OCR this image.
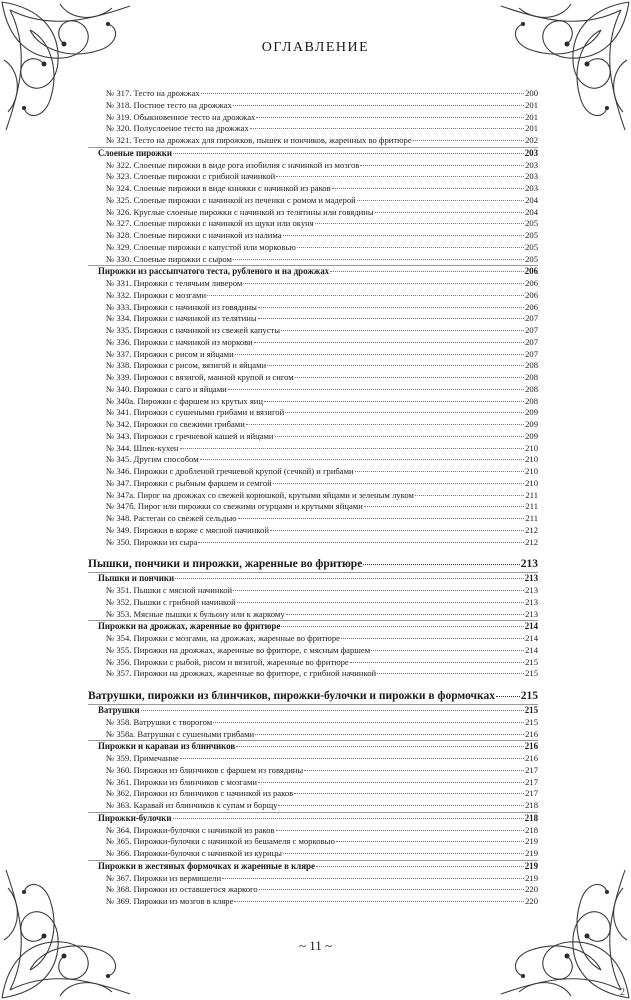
ОГЛАВЛЕНИЕ
№ 317. Тесто на дрожжах	200
№ 318. Постное тесто на дрожжах	201
№ 319. Обыкновенное тесто на дрожжах	201
№ 320. Полуслоеное тесто на дрожжах	201
№ 321. Тесто на дрожжах для пирожков, пышек и пончиков, жаренных во фритюре	202
Слоеные пирожки	203
№ 322. Слоеные пирожки в виде рога изобилия с начинкой из мозгов	203
№ 323. Слоеные пирожки с грибной начинкой	203
№ 324. Слоеные пирожки в виде книжки с начинкой из раков	203
№ 325. Слоеные пирожки с начинкой из печенки с ромом и мадерой	204
№ 326. Круглые слоеные пирожки с начинкой из телятины или говядины	204
№ 327. Слоеные пирожки с начинкой из щуки или окуня	205
№ 328. Слоеные пирожки с начинкой из налима	205
№ 329. Слоеные пирожки с капустой или морковью	205
№ 330. Слоеные пирожки с сыром	205
Пирожки из рассыпчатого теста, рубленого и на дрожжах	206
№ 331. Пирожки с телячьим ливером	206
№ 332. Пирожки с мозгами	206
№ 333. Пирожки с начинкой из говядины	206
№ 334. Пирожки с начинкой из телятины	207
№ 335. Пирожки с начинкой из свежей капусты	207
№ 336. Пирожки с начинкой из моркови	207
№ 337. Пирожки с рисом и яйцами	207
№ 338. Пирожки с рисом, вязигой и яйцами	208
№ 339. Пирожки с вязигой, манной крупой и сигом	208
№ 340. Пирожки с саго и яйцами	208
№ 340а. Пирожки с фаршем из крутых яиц	208
№ 341. Пирожки с сушеными грибами и вязигой	209
№ 342. Пирожки со свежими грибами	209
№ 343. Пирожки с гречневой кашей и яйцами	209
№ 344. Шпек-кухен	210
№ 345. Другим способом	210
№ 346. Пирожки с дробленой гречневой крупой (сечкой) и грибами	210
№ 347. Пирожки с рыбным фаршем и семгой	210
№ 347а. Пирог на дрожжах со свежей корюшкой, крутыми яйцами и зеленым луком	211
№ 347б. Пирог или пирожки со свежими огурцами и крутыми яйцами	211
№ 348. Растегаи со свежей сельдью	211
№ 349. Пирожки в корже с мясной начинкой	212
№ 350. Пирожки из сыра	212
Пышки, пончики и пирожки, жаренные во фритюре	213
Пышки и пончики	213
№ 351. Пышки с мясной начинкой	213
№ 352. Пышки с грибной начинкой	213
№ 353. Мясные пышки к бульону или к жаркому	213
Пирожки на дрожжах, жаренные во фритюре	214
№ 354. Пирожки с мозгами, на дрожжах, жаренные во фритюре	214
№ 355. Пирожки на дрожжах, жаренные во фритюре, с мясным фаршем	214
№ 356. Пирожки с рыбой, рисом и вязигой, жаренные во фритюре	215
№ 357. Пирожки на дрожжах, жаренные во фритюре, с грибной начинкой	215
Ватрушки, пирожки из блинчиков, пирожки-булочки и пирожки в формочках 215
Ватрушки	215
№ 358. Ватрушки с творогом	215
№ 358а. Ватрушки с сушеными грибами	216
Пирожки и караваи из блинчиков	216
№ 359. Примечание	216
№ 360. Пирожки из блинчиков с фаршем из говядины	217
№ 361. Пирожки из блинчиков с мозгами	217
№ 362. Пирожки из блинчиков с начинкой из раков	217
№ 363. Каравай из блинчиков к супам и борщу	218
Пирожки-булочки	218
№ 364. Пирожки-булочки с начинкой из раков	218
№ 365. Пирожки-булочки с начинкой из бешамеля с морковью	219
№ 366. Пирожки-булочки с начинкой из курицы	219
Пирожки в жестяных формочках и жаренные в кляре	219
№ 367. Пирожки из вермишели	219
№ 368. Пирожки из оставшегося жаркого	220
№ 369. Пирожки из мозгов в кляре	220
~ 11 ~
2
